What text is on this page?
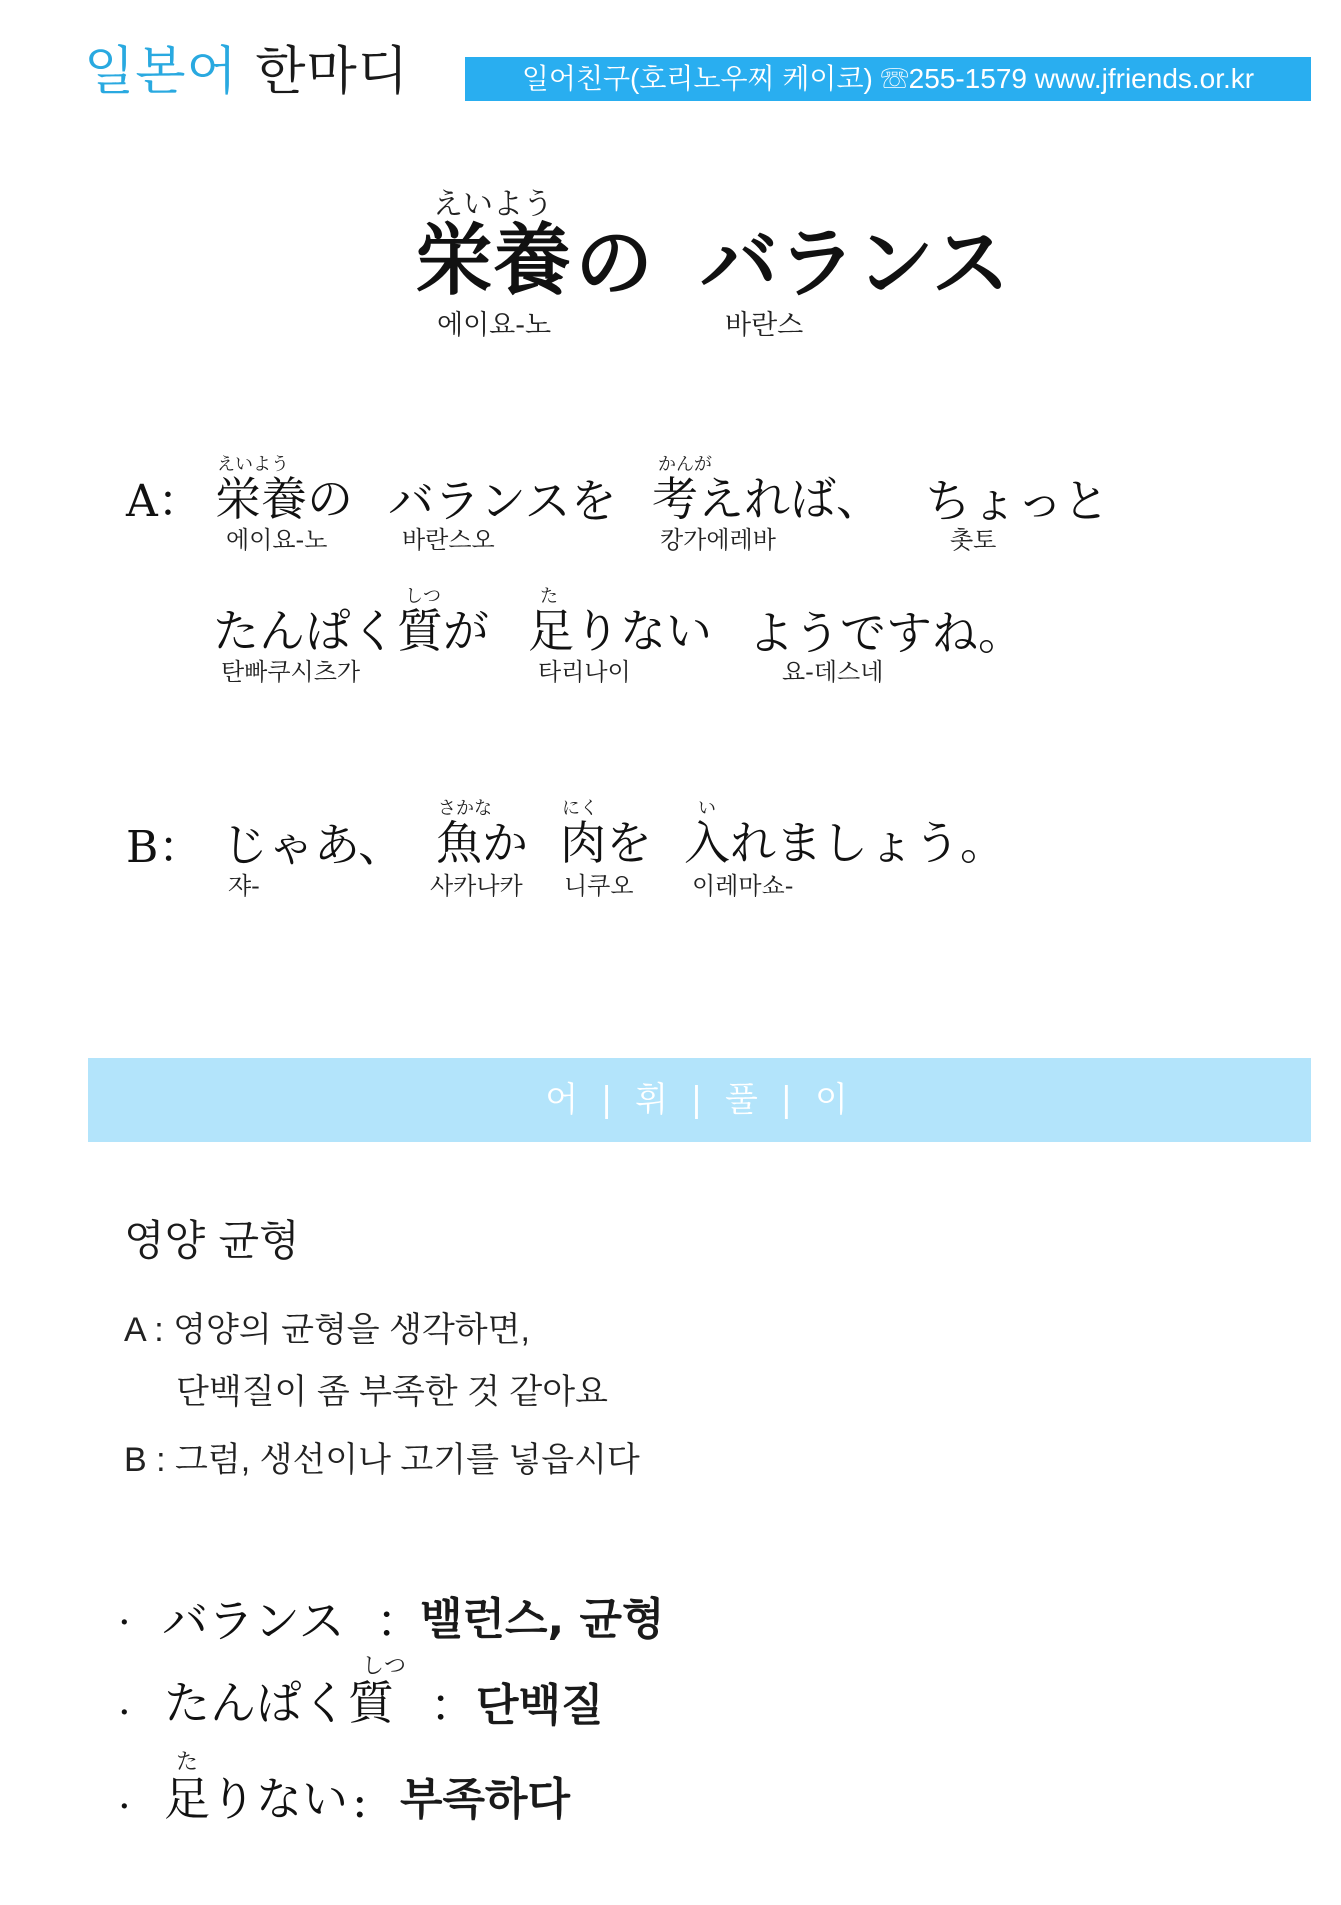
일본어 한마디	일어친구(호리노우찌 케이코) ☏255-1579 www.jfriends.or.kr
えいよう
栄養 の バランス
에이요-노	바란스
A：
えいよう
栄養の
에이요-노
バランスを
바란스오
かんが
考えれば、
캉가에레바
ちょっと
촛토
しつ
たんぱく質が
탄빠쿠시츠가
た
足りない
타리나이
ようですね。
요-데스네
B： じゃあ、
쟈-
さかな
魚か
사카나카
にく
肉を
니쿠오
い
入れましょう。
이레마쇼-
어 | 휘 | 풀 | 이
영양 균형
A : 영양의 균형을 생각하면,
단백질이 좀 부족한 것 같아요
B : 그럼, 생선이나 고기를 넣읍시다
· バランス ：
밸런스, 균형
·
しつ
たんぱく質 ： 단백질
·
た
足りない : 부족하다
